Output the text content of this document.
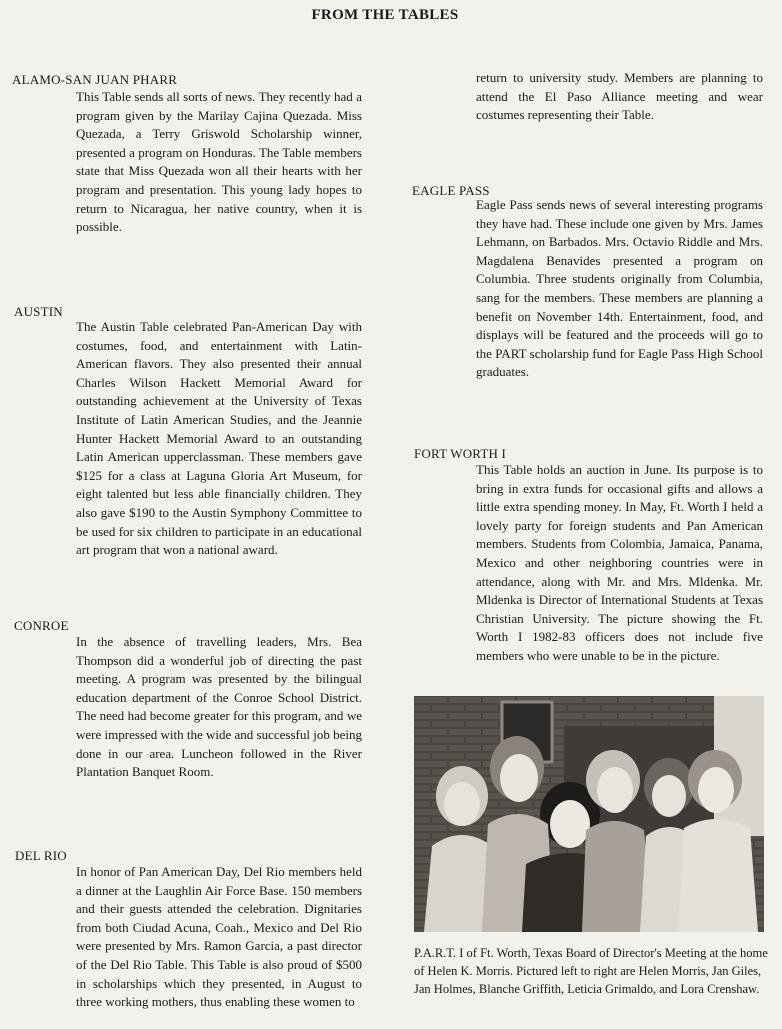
FROM THE TABLES
ALAMO-SAN JUAN PHARR

This Table sends all sorts of news. They recently had a program given by the Marilay Cajina Quezada. Miss Quezada, a Terry Griswold Scholarship winner, presented a program on Honduras. The Table members state that Miss Quezada won all their hearts with her program and presentation. This young lady hopes to return to Nicaragua, her native country, when it is possible.

AUSTIN

The Austin Table celebrated Pan-American Day with costumes, food, and entertainment with Latin-American flavors. They also presented their annual Charles Wilson Hackett Memorial Award for outstanding achievement at the University of Texas Institute of Latin American Studies, and the Jeannie Hunter Hackett Memorial Award to an outstanding Latin American upperclassman. These members gave $125 for a class at Laguna Gloria Art Museum, for eight talented but less able financially children. They also gave $190 to the Austin Symphony Committee to be used for six children to participate in an educational art program that won a national award.

CONROE

In the absence of travelling leaders, Mrs. Bea Thompson did a wonderful job of directing the past meeting. A program was presented by the bilingual education department of the Conroe School District. The need had become greater for this program, and we were impressed with the wide and successful job being done in our area. Luncheon followed in the River Plantation Banquet Room.

DEL RIO

In honor of Pan American Day, Del Rio members held a dinner at the Laughlin Air Force Base. 150 members and their guests attended the celebration. Dignitaries from both Ciudad Acuna, Coah., Mexico and Del Rio were presented by Mrs. Ramon Garcia, a past director of the Del Rio Table. This Table is also proud of $500 in scholarships which they presented, in August to three working mothers, thus enabling these women to

return to university study. Members are planning to attend the El Paso Alliance meeting and wear costumes representing their Table.

EAGLE PASS

Eagle Pass sends news of several interesting programs they have had. These include one given by Mrs. James Lehmann, on Barbados. Mrs. Octavio Riddle and Mrs. Magdalena Benavides presented a program on Columbia. Three students originally from Columbia, sang for the members. These members are planning a benefit on November 14th. Entertainment, food, and displays will be featured and the proceeds will go to the PART scholarship fund for Eagle Pass High School graduates.

FORT WORTH I

This Table holds an auction in June. Its purpose is to bring in extra funds for occasional gifts and allows a little extra spending money. In May, Ft. Worth I held a lovely party for foreign students and Pan American members. Students from Colombia, Jamaica, Panama, Mexico and other neighboring countries were in attendance, along with Mr. and Mrs. Mldenka. Mr. Mldenka is Director of International Students at Texas Christian University. The picture showing the Ft. Worth I 1982-83 officers does not include five members who were unable to be in the picture.

P.A.R.T. I of Ft. Worth, Texas Board of Director's Meeting at the home of Helen K. Morris. Pictured left to right are Helen Morris, Jan Giles, Jan Holmes, Blanche Griffith, Leticia Grimaldo, and Lora Crenshaw.
